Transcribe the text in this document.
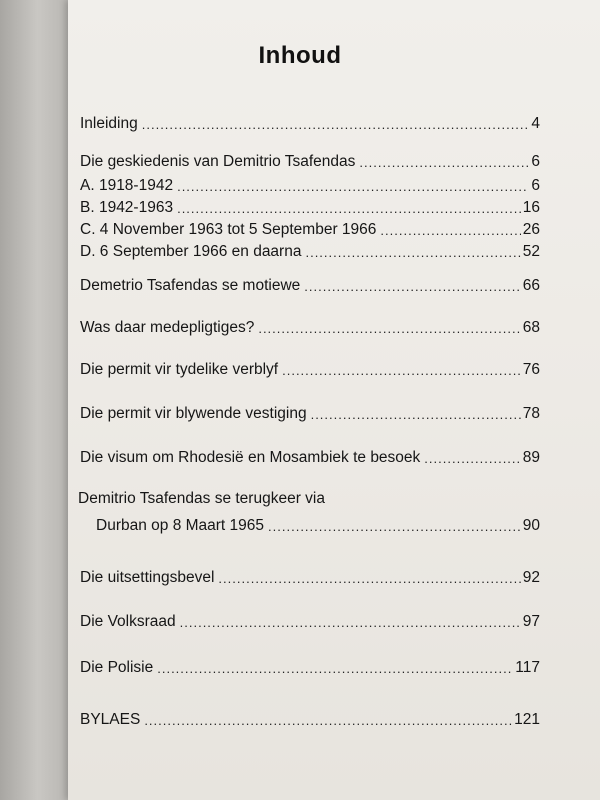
Inhoud
Inleiding .....	4
Die geskiedenis van Demitrio Tsafendas .....	6
A. 1918-1942 .....	6
B. 1942-1963 .....	16
C. 4 November 1963 tot 5 September 1966 .....	26
D. 6 September 1966 en daarna .....	52
Demetrio Tsafendas se motiewe .....	66
Was daar medepligtiges? .....	68
Die permit vir tydelike verblyf .....	76
Die permit vir blywende vestiging .....	78
Die visum om Rhodesië en Mosambiek te besoek .....	89
Demitrio Tsafendas se terugkeer via
Durban op 8 Maart 1965 .....	90
Die uitsettingsbevel .....	92
Die Volksraad .....	97
Die Polisie .....	117
BYLAES .....	121
